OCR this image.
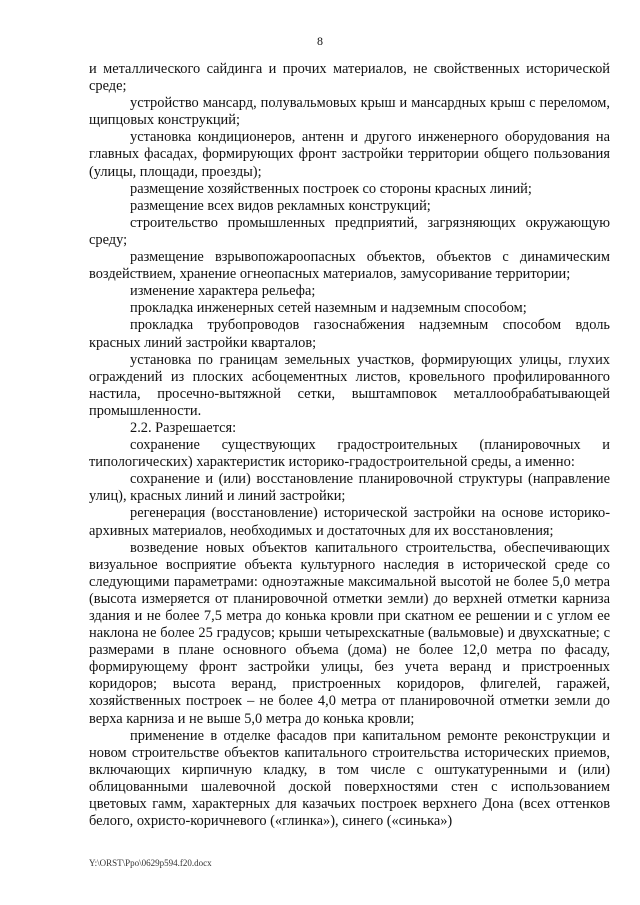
8

и металлического сайдинга и прочих материалов, не свойственных исторической среде;

устройство мансард, полувальмовых крыш и мансардных крыш с переломом, щипцовых конструкций;

установка кондиционеров, антенн и другого инженерного оборудования на главных фасадах, формирующих фронт застройки территории общего пользования (улицы, площади, проезды);

размещение хозяйственных построек со стороны красных линий;

размещение всех видов рекламных конструкций;

строительство промышленных предприятий, загрязняющих окружающую среду;

размещение взрывопожароопасных объектов, объектов с динамическим воздействием, хранение огнеопасных материалов, замусоривание территории;

изменение характера рельефа;

прокладка инженерных сетей наземным и надземным способом;

прокладка трубопроводов газоснабжения надземным способом вдоль красных линий застройки кварталов;

установка по границам земельных участков, формирующих улицы, глухих ограждений из плоских асбоцементных листов, кровельного профилированного настила, просечно-вытяжной сетки, выштамповок металлообрабатывающей промышленности.

2.2. Разрешается:

сохранение существующих градостроительных (планировочных и типологических) характеристик историко-градостроительной среды, а именно:

сохранение и (или) восстановление планировочной структуры (направление улиц), красных линий и линий застройки;

регенерация (восстановление) исторической застройки на основе историко-архивных материалов, необходимых и достаточных для их восстановления;

возведение новых объектов капитального строительства, обеспечивающих визуальное восприятие объекта культурного наследия в исторической среде со следующими параметрами: одноэтажные максимальной высотой не более 5,0 метра (высота измеряется от планировочной отметки земли) до верхней отметки карниза здания и не более 7,5 метра до конька кровли при скатном ее решении и с углом ее наклона не более 25 градусов; крыши четырехскатные (вальмовые) и двухскатные; с размерами в плане основного объема (дома) не более 12,0 метра по фасаду, формирующему фронт застройки улицы, без учета веранд и пристроенных коридоров; высота веранд, пристроенных коридоров, флигелей, гаражей, хозяйственных построек – не более 4,0 метра от планировочной отметки земли до верха карниза и не выше 5,0 метра до конька кровли;

применение в отделке фасадов при капитальном ремонте реконструкции и новом строительстве объектов капитального строительства исторических приемов, включающих кирпичную кладку, в том числе с оштукатуренными и (или) облицованными шалевочной доской поверхностями стен с использованием цветовых гамм, характерных для казачьих построек верхнего Дона (всех оттенков белого, охристо-коричневого («глинка»), синего («синька»)

Y:\ORST\Ppo\0629p594.f20.docx
